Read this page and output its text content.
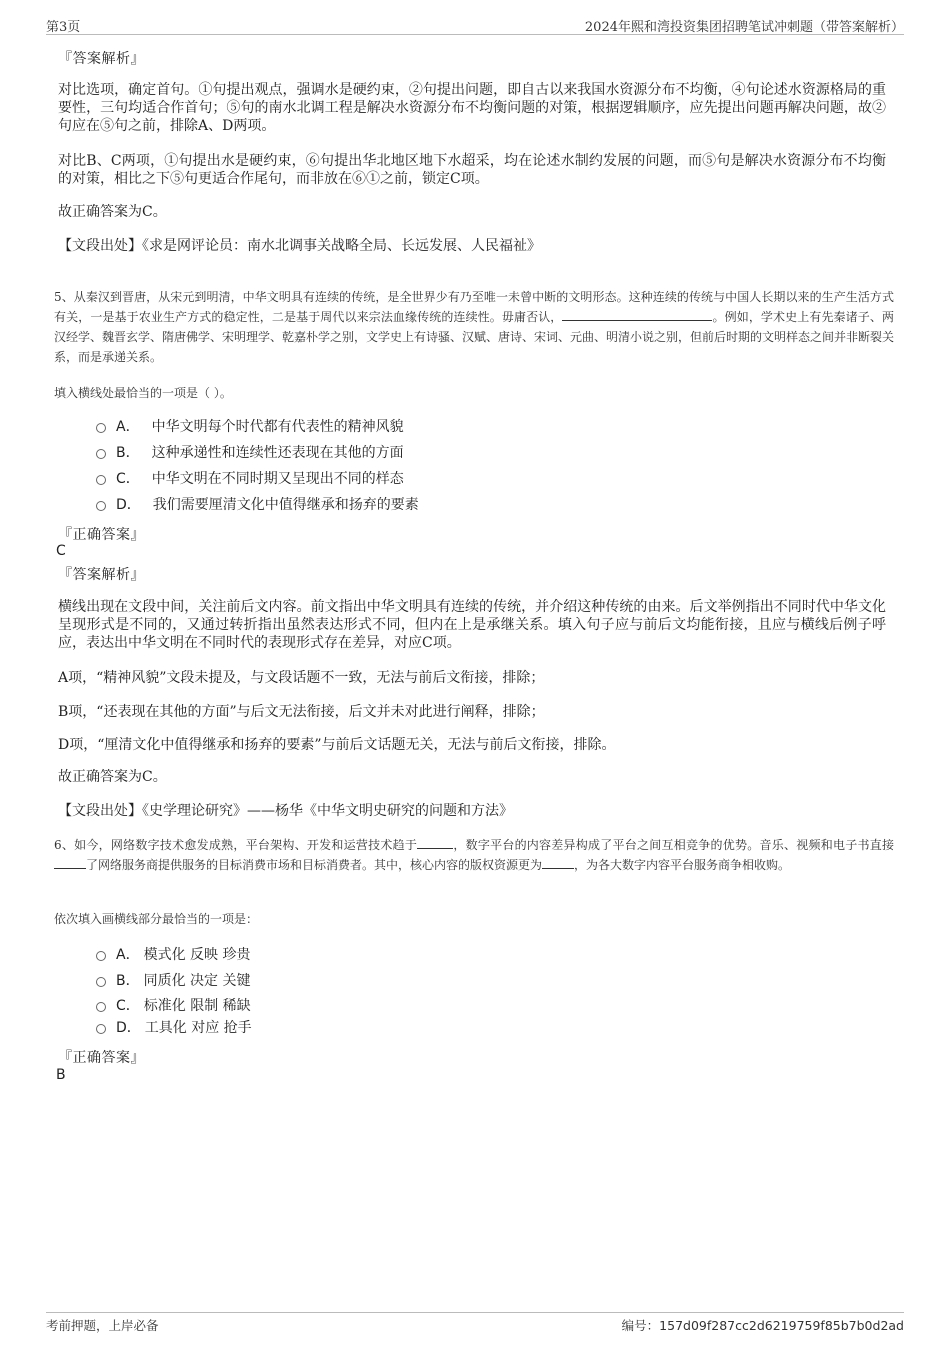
第3页	2024年熙和湾投资集团招聘笔试冲刺题（带答案解析）
『答案解析』
对比选项，确定首句。①句提出观点，强调水是硬约束，②句提出问题，即自古以来我国水资源分布不均衡，④句论述水资源格局的重要性，三句均适合作首句；⑤句的南水北调工程是解决水资源分布不均衡问题的对策，根据逻辑顺序，应先提出问题再解决问题，故②句应在⑤句之前，排除A、D两项。
对比B、C两项，①句提出水是硬约束，⑥句提出华北地区地下水超采，均在论述水制约发展的问题，而⑤句是解决水资源分布不均衡的对策，相比之下⑤句更适合作尾句，而非放在⑥①之前，锁定C项。
故正确答案为C。
【文段出处】《求是网评论员：南水北调事关战略全局、长远发展、人民福祉》
5、从秦汉到晋唐，从宋元到明清，中华文明具有连续的传统，是全世界少有乃至唯一未曾中断的文明形态。这种连续的传统与中国人长期以来的生产生活方式有关，一是基于农业生产方式的稳定性，二是基于周代以来宗法血缘传统的连续性。毋庸否认，	。例如，学术史上有先秦诸子、两汉经学、魏晋玄学、隋唐佛学、宋明理学、乾嘉朴学之别，文学史上有诗骚、汉赋、唐诗、宋词、元曲、明清小说之别，但前后时期的文明样态之间并非断裂关系，而是承递关系。
填入横线处最恰当的一项是（ ）。
A． 中华文明每个时代都有代表性的精神风貌
B． 这种承递性和连续性还表现在其他的方面
C． 中华文明在不同时期又呈现出不同的样态
D． 我们需要厘清文化中值得继承和扬弃的要素
『正确答案』
C
『答案解析』
横线出现在文段中间，关注前后文内容。前文指出中华文明具有连续的传统，并介绍这种传统的由来。后文举例指出不同时代中华文化呈现形式是不同的，又通过转折指出虽然表达形式不同，但内在上是承继关系。填入句子应与前后文均能衔接，且应与横线后例子呼应，表达出中华文明在不同时代的表现形式存在差异，对应C项。
A项，“精神风貌”文段未提及，与文段话题不一致，无法与前后文衔接，排除；
B项，“还表现在其他的方面”与后文无法衔接，后文并未对此进行阐释，排除；
D项，“厘清文化中值得继承和扬弃的要素”与前后文话题无关，无法与前后文衔接，排除。
故正确答案为C。
【文段出处】《史学理论研究》——杨华《中华文明史研究的问题和方法》
6、如今，网络数字技术愈发成熟，平台架构、开发和运营技术趋于	，数字平台的内容差异构成了平台之间互相竞争的优势。音乐、视频和电子书直接了网络服务商提供服务的目标消费市场和目标消费者。其中，核心内容的版权资源更为	，为各大数字内容平台服务商争相收购。
依次填入画横线部分最恰当的一项是：
A． 模式化 反映 珍贵
B． 同质化 决定 关键
C． 标准化 限制 稀缺
D． 工具化 对应 抢手
『正确答案』
B
考前押题，上岸必备	编号：157d09f287cc2d6219759f85b7b0d2ad
